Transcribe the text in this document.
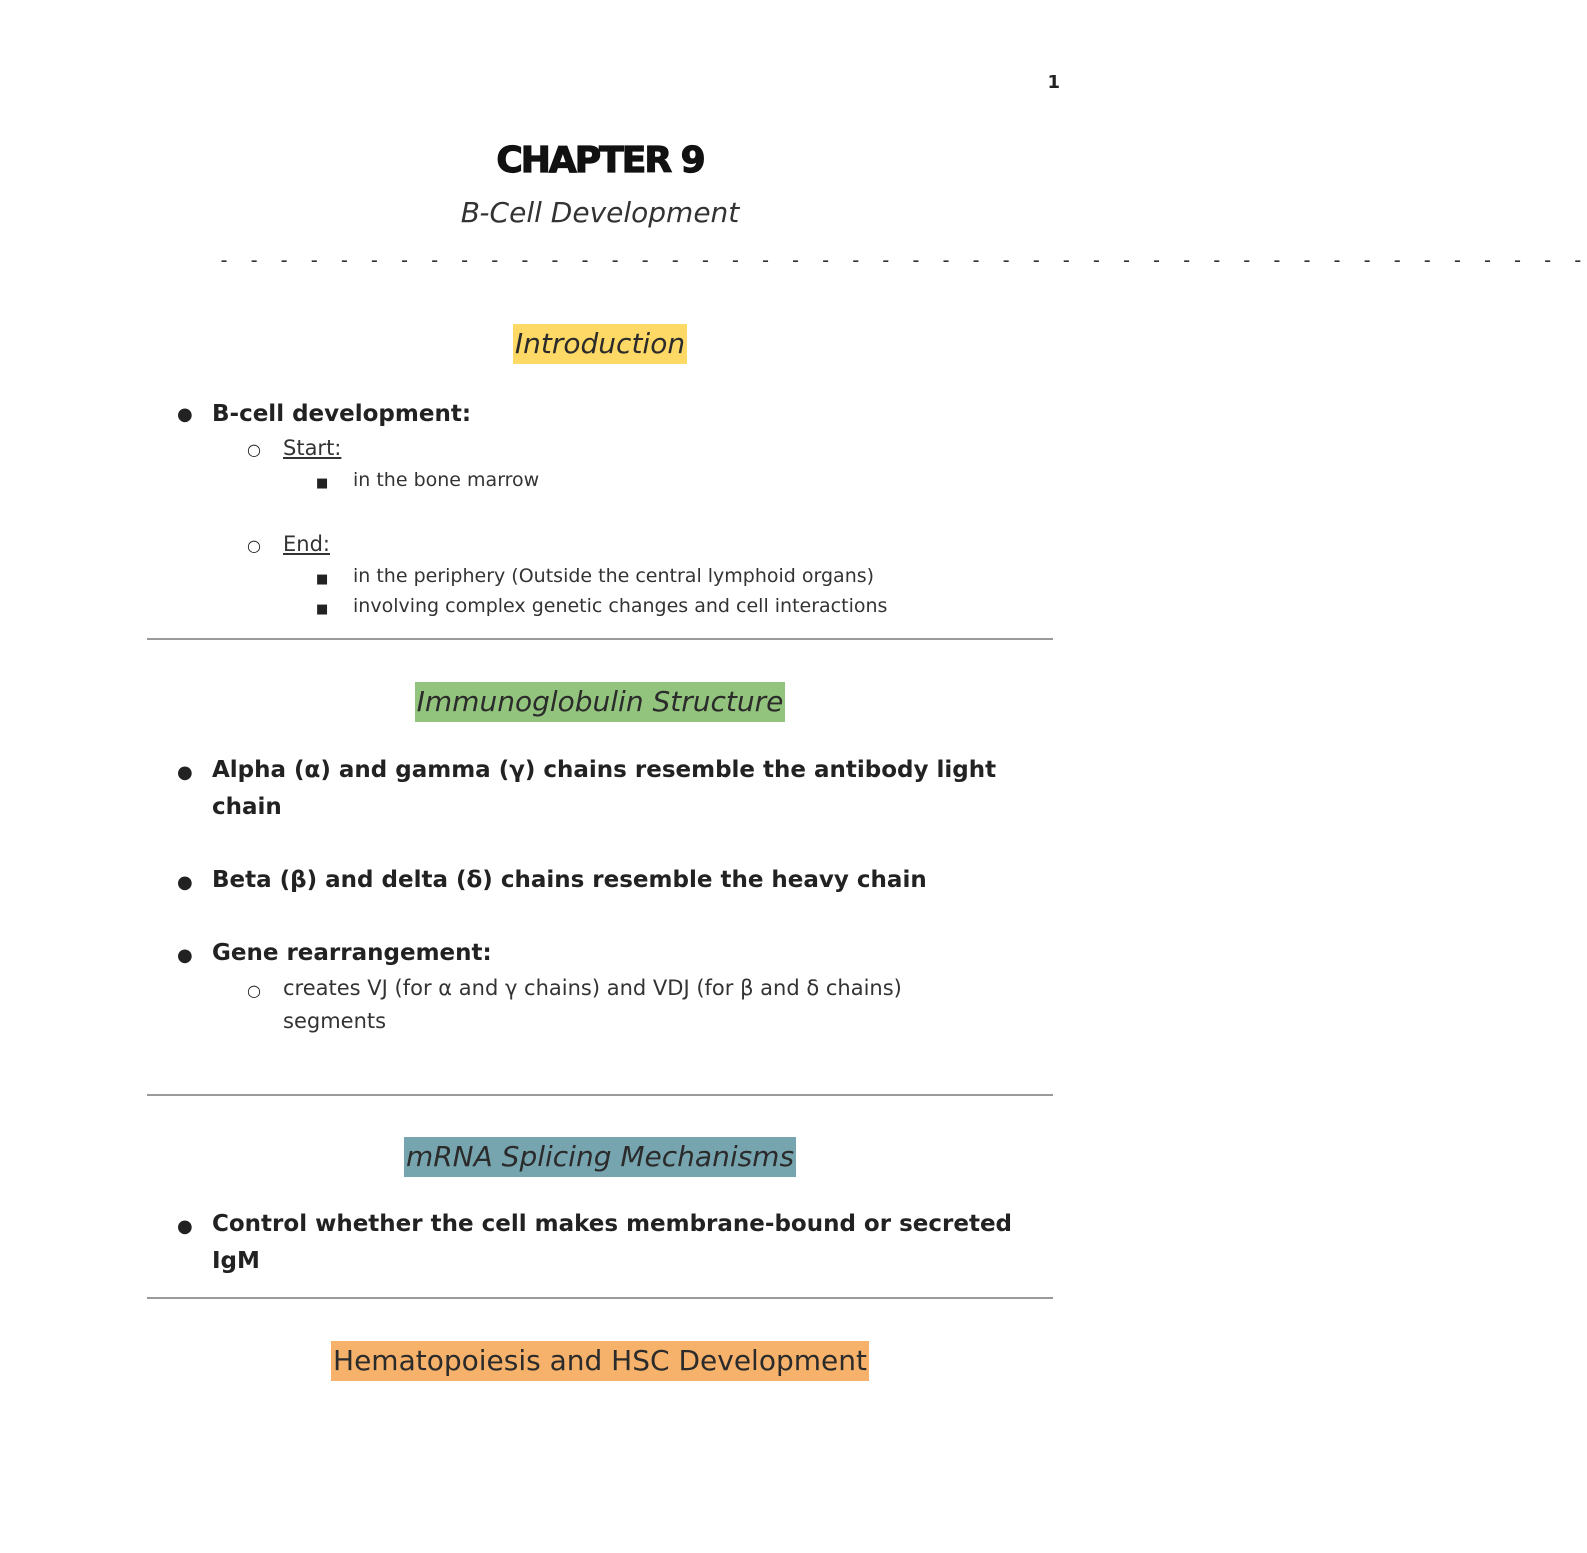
1
CHAPTER 9
B-Cell Development
- - - - - - - - - - - - - - - - - - - - - - - - - - - - - - - - - - - - - - - - - - - - - -
Introduction
● B-cell development:
○ Start:
■ in the bone marrow
○ End:
■ in the periphery (Outside the central lymphoid organs)
■ involving complex genetic changes and cell interactions
Immunoglobulin Structure
● Alpha (α) and gamma (γ) chains resemble the antibody light chain
● Beta (β) and delta (δ) chains resemble the heavy chain
● Gene rearrangement:
○ creates VJ (for α and γ chains) and VDJ (for β and δ chains) segments
mRNA Splicing Mechanisms
● Control whether the cell makes membrane-bound or secreted IgM
Hematopoiesis and HSC Development
